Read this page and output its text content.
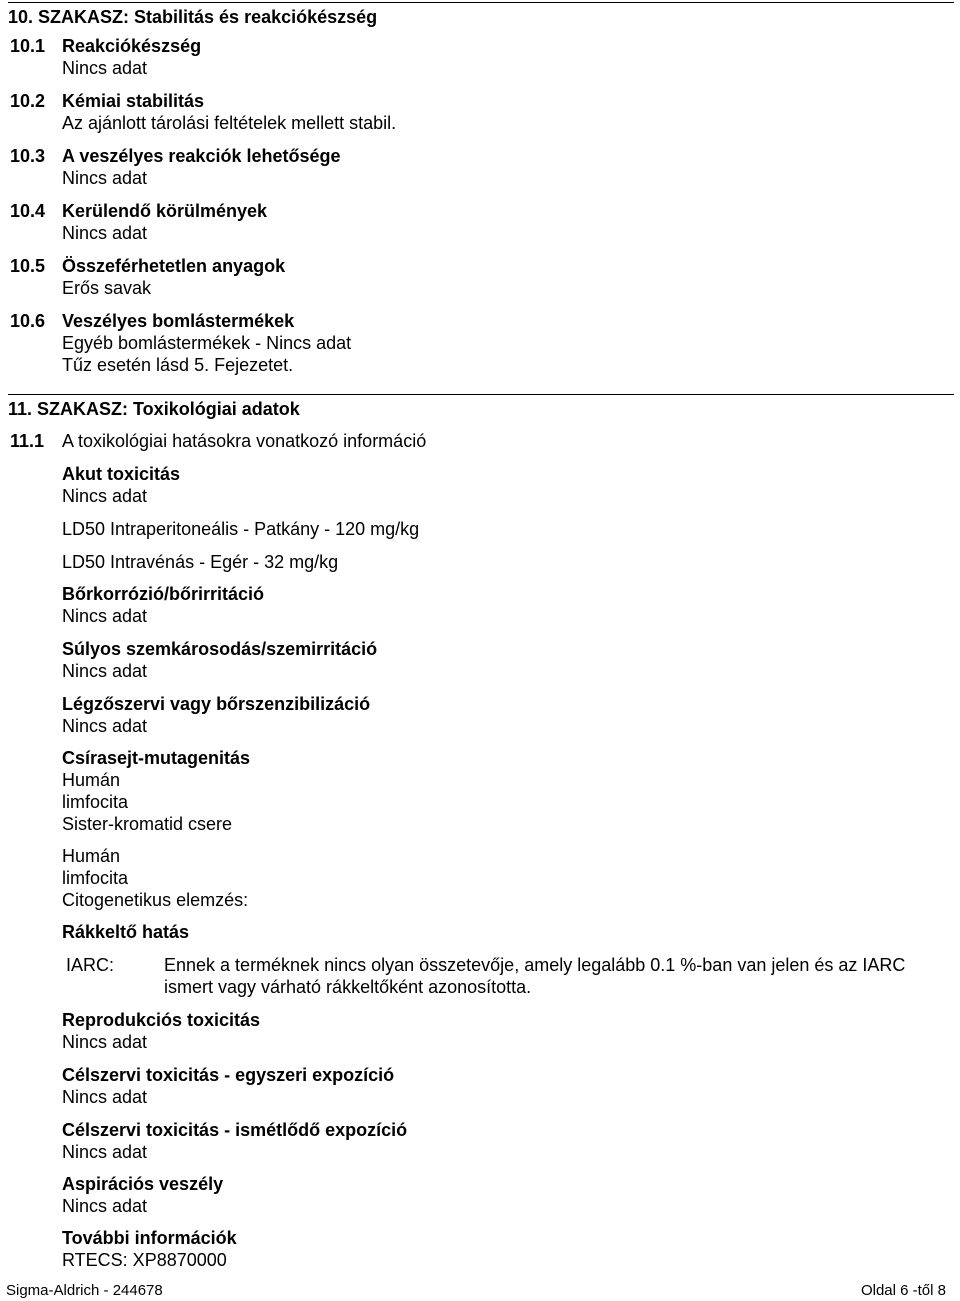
10. SZAKASZ: Stabilitás és reakciókészség
10.1 Reakciókészség
Nincs adat
10.2 Kémiai stabilitás
Az ajánlott tárolási feltételek mellett stabil.
10.3 A veszélyes reakciók lehetősége
Nincs adat
10.4 Kerülendő körülmények
Nincs adat
10.5 Összeférhetetlen anyagok
Erős savak
10.6 Veszélyes bomlástermékek
Egyéb bomlástermékek - Nincs adat
Tűz esetén lásd 5. Fejezetet.
11. SZAKASZ: Toxikológiai adatok
11.1 A toxikológiai hatásokra vonatkozó információ
Akut toxicitás
Nincs adat
LD50 Intraperitoneális - Patkány - 120 mg/kg
LD50 Intravénás - Egér - 32 mg/kg
Bőrkorrózió/bőrirritáció
Nincs adat
Súlyos szemkárosodás/szemirritáció
Nincs adat
Légzőszervi vagy bőrszenzibilizáció
Nincs adat
Csírasejt-mutagenitás
Humán
limfocita
Sister-kromatid csere
Humán
limfocita
Citogenetikus elemzés:
Rákkeltő hatás
IARC:	Ennek a terméknek nincs olyan összetevője, amely legalább 0.1 %-ban van jelen és az IARC
ismert vagy várható rákkeltőként azonosította.
Reprodukciós toxicitás
Nincs adat
Célszervi toxicitás - egyszeri expozíció
Nincs adat
Célszervi toxicitás - ismétlődő expozíció
Nincs adat
Aspirációs veszély
Nincs adat
További információk
RTECS: XP8870000
Sigma-Aldrich - 244678	Oldal 6 -től 8
